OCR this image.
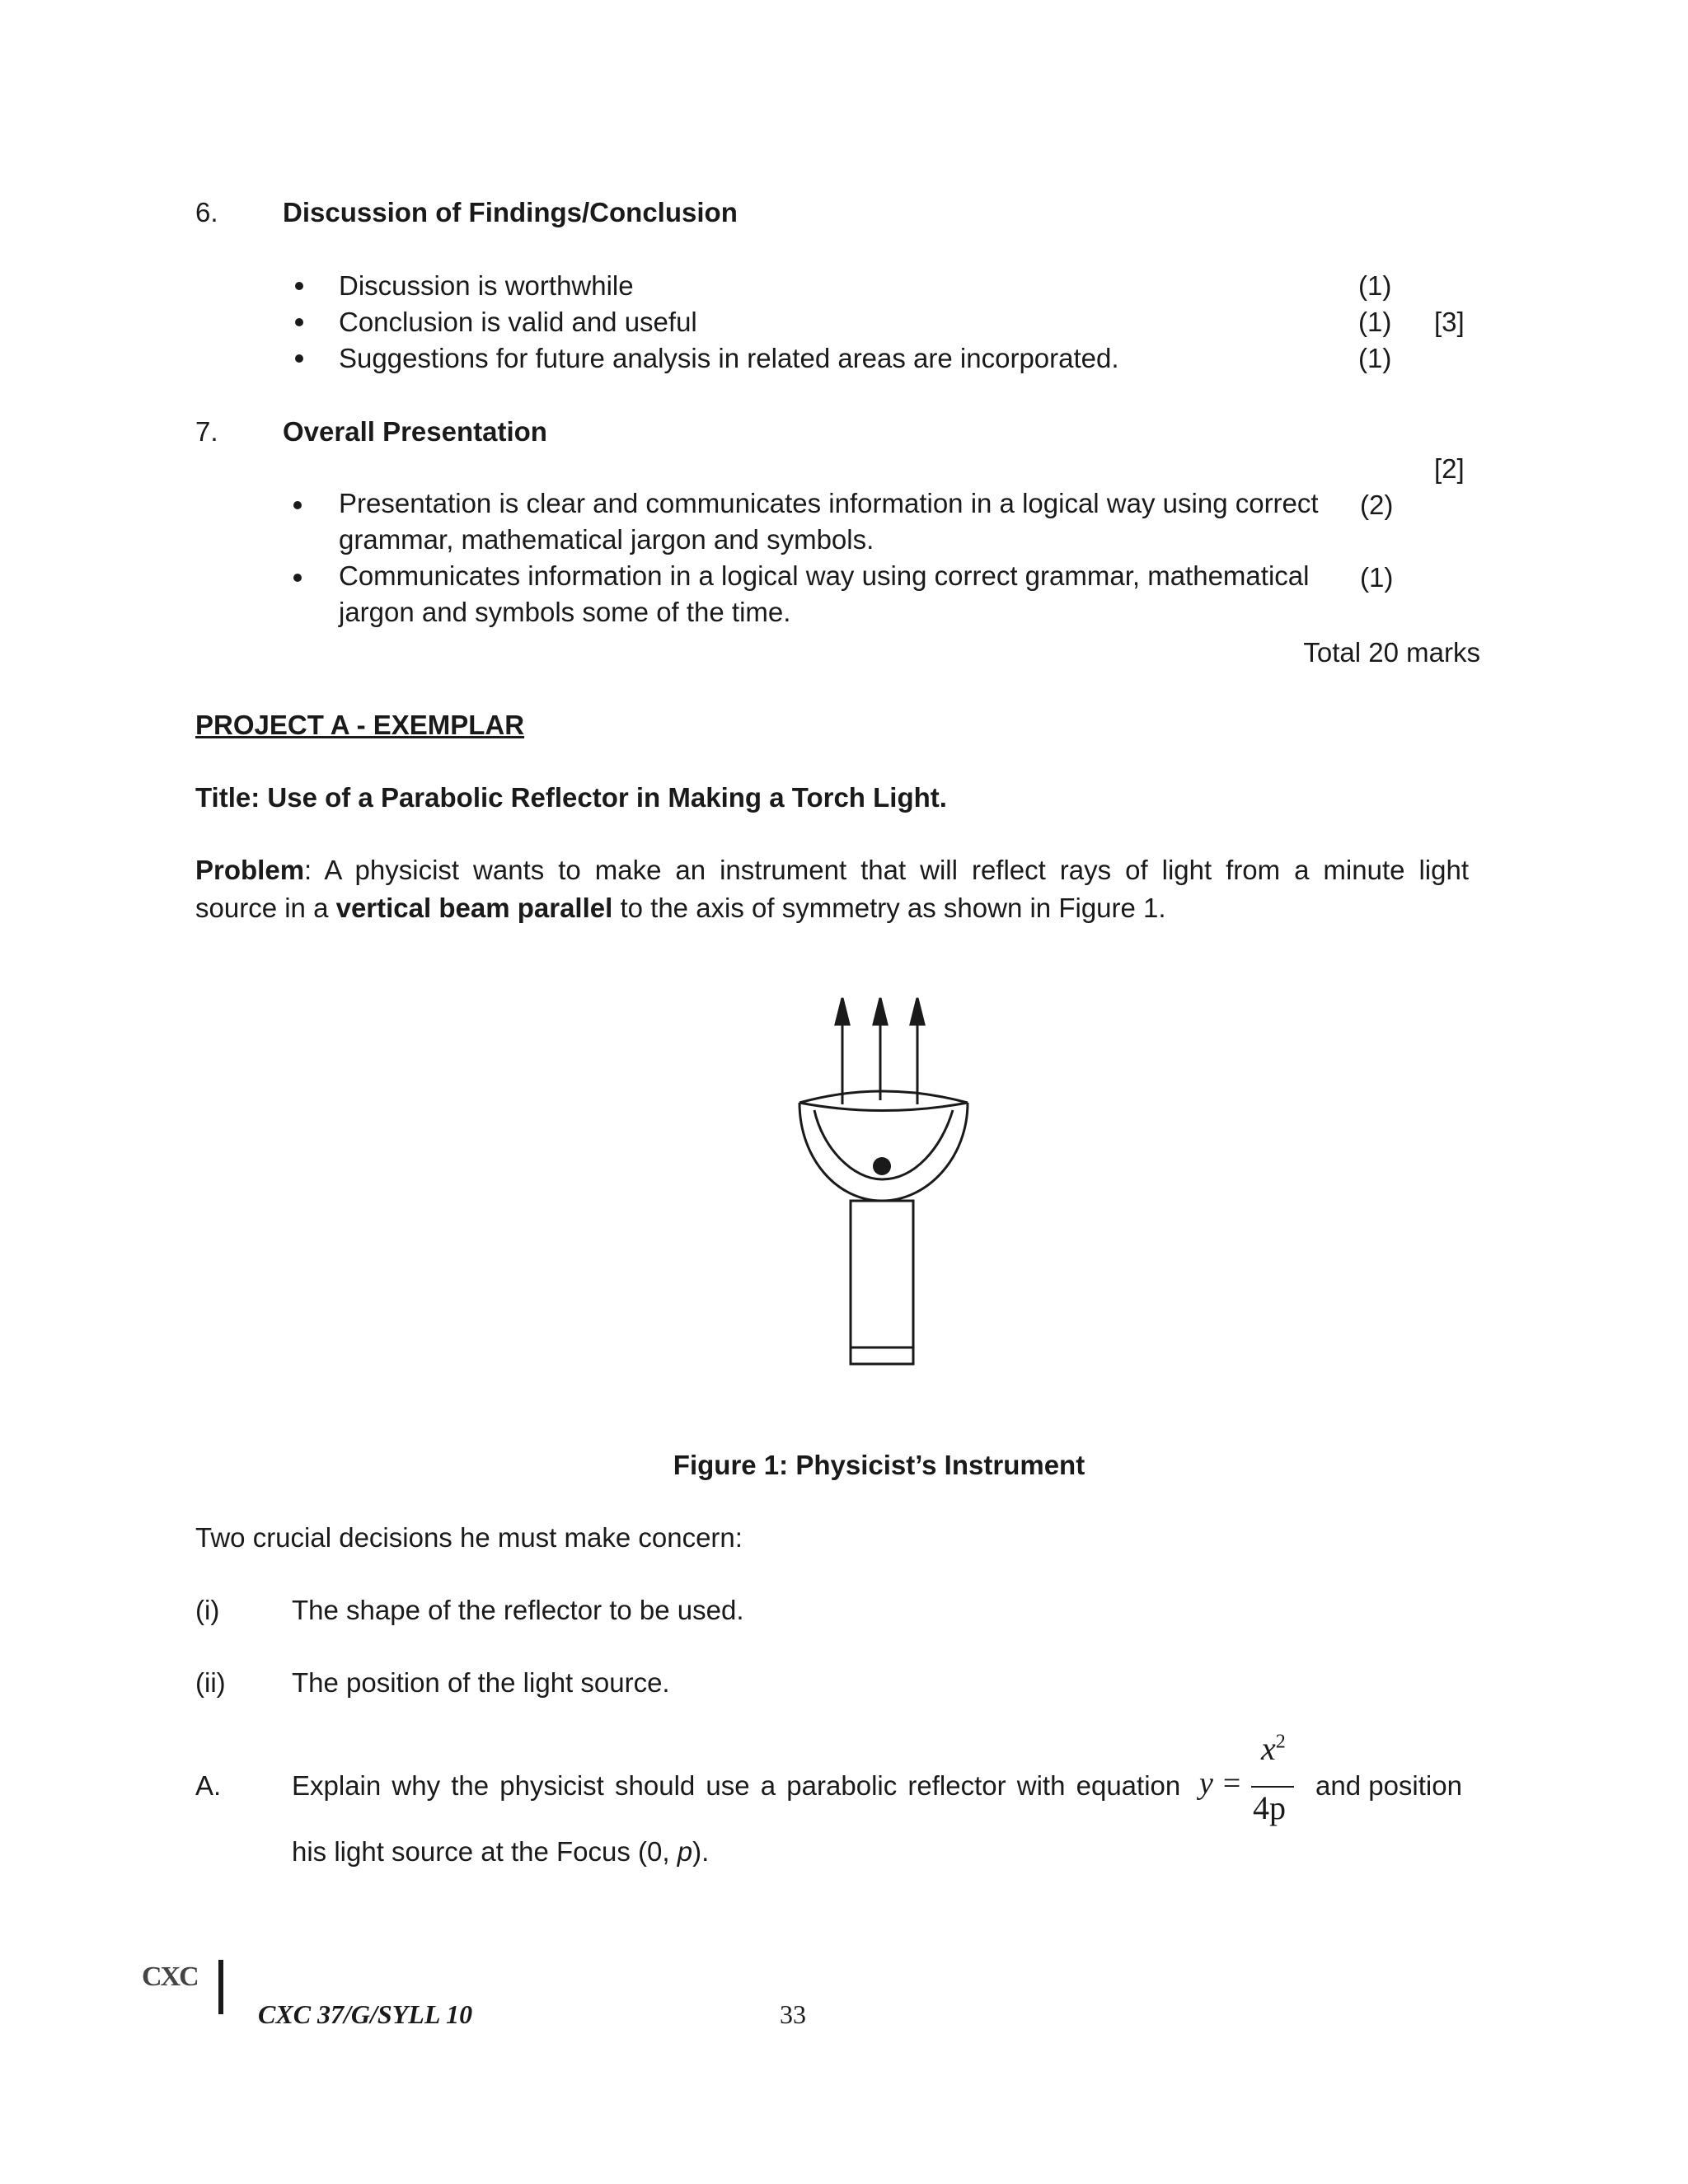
6. Discussion of Findings/Conclusion
Discussion is worthwhile	(1)
Conclusion is valid and useful	(1) [3]
Suggestions for future analysis in related areas are incorporated.	(1)
7. Overall Presentation
[2]
Presentation is clear and communicates information in a logical way using correct
grammar, mathematical jargon and symbols.
(2)
Communicates information in a logical way using correct grammar, mathematical
jargon and symbols some of the time.
(1)
Total 20 marks
PROJECT A - EXEMPLAR
Title: Use of a Parabolic Reflector in Making a Torch Light.
Problem: A physicist wants to make an instrument that will reflect rays of light from a minute light
source in a vertical beam parallel to the axis of symmetry as shown in Figure 1.
Figure 1: Physicist’s Instrument
Two crucial decisions he must make concern:
(i)	The shape of the reflector to be used.
(ii) The position of the light source.
A.	Explain why the physicist should use a parabolic reflector with equation y =
$x^2$
4p
and position
his light source at the Focus (0, p).
CXC
CXC 37/G/SYLL 10	33
